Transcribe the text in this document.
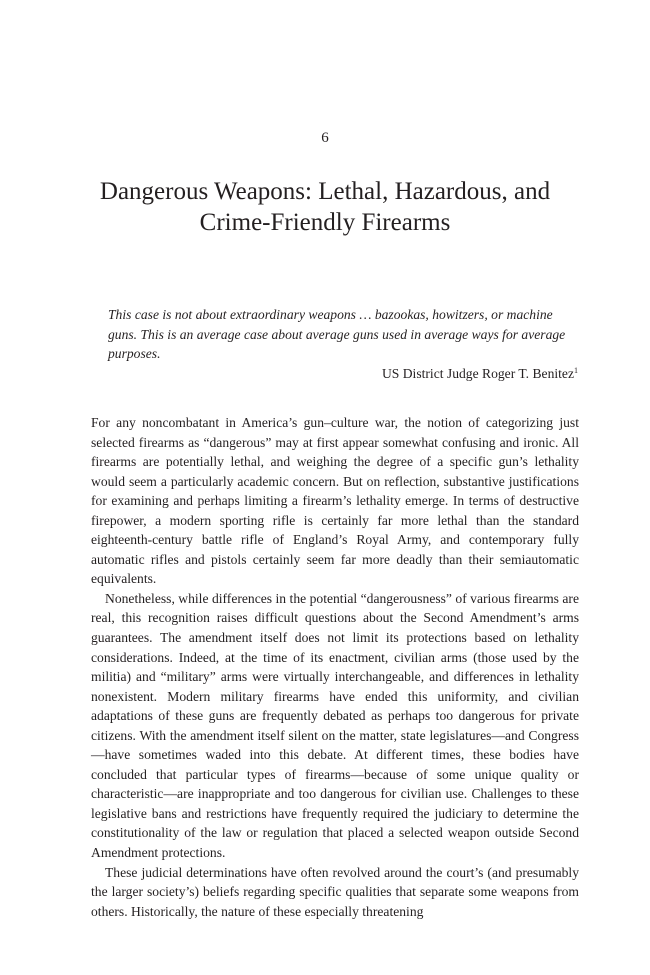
6
Dangerous Weapons: Lethal, Hazardous, and
Crime-Friendly Firearms

This case is not about extraordinary weapons … bazookas, howitzers, or machine guns. This is an average case about average guns used in average ways for average purposes.

US District Judge Roger T. Benitez$^1$

For any noncombatant in America’s gun–culture war, the notion of categorizing just selected firearms as “dangerous” may at first appear somewhat confusing and ironic. All firearms are potentially lethal, and weighing the degree of a specific gun’s lethality would seem a particularly academic concern. But on reflection, substantive justifications for examining and perhaps limiting a firearm’s lethality emerge. In terms of destructive firepower, a modern sporting rifle is certainly far more lethal than the standard eighteenth-century battle rifle of England’s Royal Army, and contemporary fully automatic rifles and pistols certainly seem far more deadly than their semiautomatic equivalents.

Nonetheless, while differences in the potential “dangerousness” of various firearms are real, this recognition raises difficult questions about the Second Amendment’s arms guarantees. The amendment itself does not limit its protections based on lethality considerations. Indeed, at the time of its enactment, civilian arms (those used by the militia) and “military” arms were virtually interchangeable, and differences in lethality nonexistent. Modern military firearms have ended this uniformity, and civilian adaptations of these guns are frequently debated as perhaps too dangerous for private citizens. With the amendment itself silent on the matter, state legislatures—and Congress—have sometimes waded into this debate. At different times, these bodies have concluded that particular types of firearms—because of some unique quality or characteristic—are inappropriate and too dangerous for civilian use. Challenges to these legislative bans and restrictions have frequently required the judiciary to determine the constitutionality of the law or regulation that placed a selected weapon outside Second Amendment protections.

These judicial determinations have often revolved around the court’s (and presumably the larger society’s) beliefs regarding specific qualities that separate some weapons from others. Historically, the nature of these especially threatening
